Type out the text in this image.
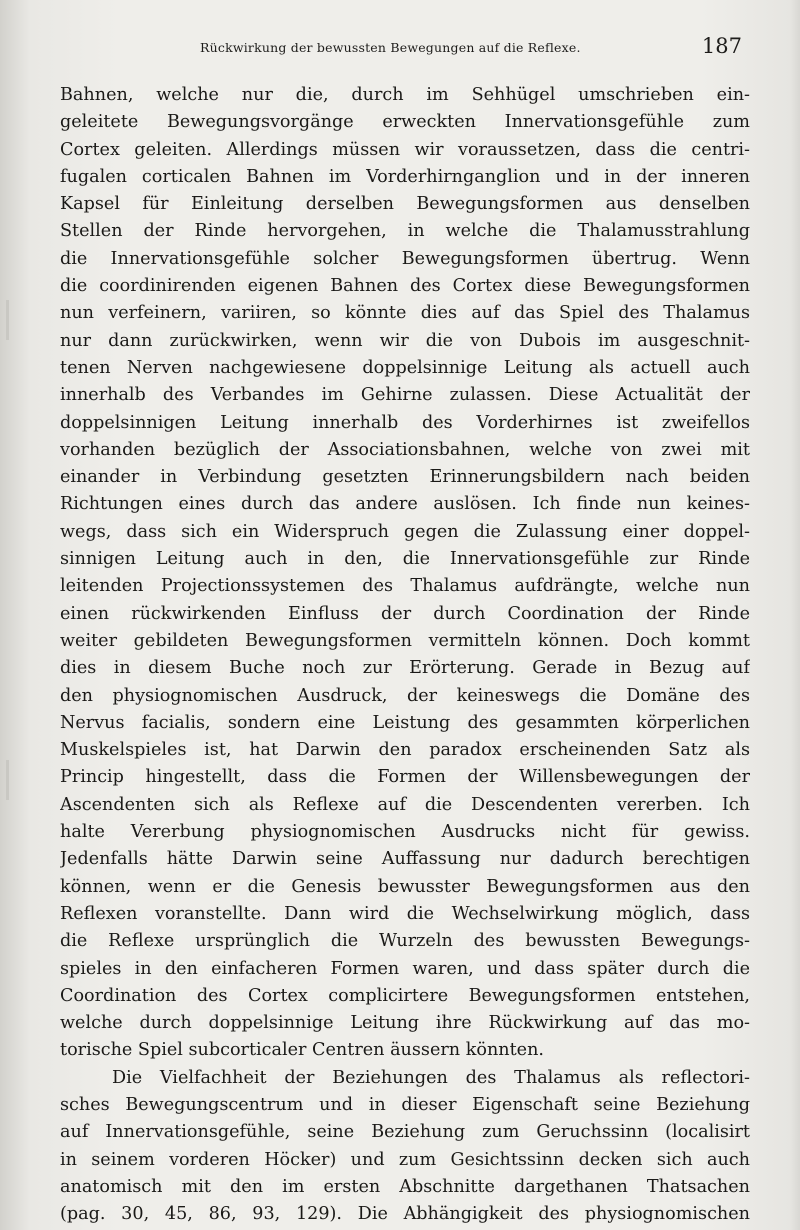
Rückwirkung der bewussten Bewegungen auf die Reflexe.	187
Bahnen, welche nur die, durch im Sehhügel umschrieben ein-
geleitete Bewegungsvorgänge erweckten Innervationsgefühle zum
Cortex geleiten. Allerdings müssen wir voraussetzen, dass die centri-
fugalen corticalen Bahnen im Vorderhirnganglion und in der inneren
Kapsel für Einleitung derselben Bewegungsformen aus denselben
Stellen der Rinde hervorgehen, in welche die Thalamusstrahlung
die Innervationsgefühle solcher Bewegungsformen übertrug. Wenn
die coordinirenden eigenen Bahnen des Cortex diese Bewegungsformen
nun verfeinern, variiren, so könnte dies auf das Spiel des Thalamus
nur dann zurückwirken, wenn wir die von Dubois im ausgeschnit-
tenen Nerven nachgewiesene doppelsinnige Leitung als actuell auch
innerhalb des Verbandes im Gehirne zulassen. Diese Actualität der
doppelsinnigen Leitung innerhalb des Vorderhirnes ist zweifellos
vorhanden bezüglich der Associationsbahnen, welche von zwei mit
einander in Verbindung gesetzten Erinnerungsbildern nach beiden
Richtungen eines durch das andere auslösen. Ich finde nun keines-
wegs, dass sich ein Widerspruch gegen die Zulassung einer doppel-
sinnigen Leitung auch in den, die Innervationsgefühle zur Rinde
leitenden Projectionssystemen des Thalamus aufdrängte, welche nun
einen rückwirkenden Einfluss der durch Coordination der Rinde
weiter gebildeten Bewegungsformen vermitteln können. Doch kommt
dies in diesem Buche noch zur Erörterung. Gerade in Bezug auf
den physiognomischen Ausdruck, der keineswegs die Domäne des
Nervus facialis, sondern eine Leistung des gesammten körperlichen
Muskelspieles ist, hat Darwin den paradox erscheinenden Satz als
Princip hingestellt, dass die Formen der Willensbewegungen der
Ascendenten sich als Reflexe auf die Descendenten vererben. Ich
halte Vererbung physiognomischen Ausdrucks nicht für gewiss.
Jedenfalls hätte Darwin seine Auffassung nur dadurch berechtigen
können, wenn er die Genesis bewusster Bewegungsformen aus den
Reflexen voranstellte. Dann wird die Wechselwirkung möglich, dass
die Reflexe ursprünglich die Wurzeln des bewussten Bewegungs-
spieles in den einfacheren Formen waren, und dass später durch die
Coordination des Cortex complicirtere Bewegungsformen entstehen,
welche durch doppelsinnige Leitung ihre Rückwirkung auf das mo-
torische Spiel subcorticaler Centren äussern könnten.
Die Vielfachheit der Beziehungen des Thalamus als reflectori-
sches Bewegungscentrum und in dieser Eigenschaft seine Beziehung
auf Innervationsgefühle, seine Beziehung zum Geruchssinn (localisirt
in seinem vorderen Höcker) und zum Gesichtssinn decken sich auch
anatomisch mit den im ersten Abschnitte dargethanen Thatsachen
(pag. 30, 45, 86, 93, 129). Die Abhängigkeit des physiognomischen
